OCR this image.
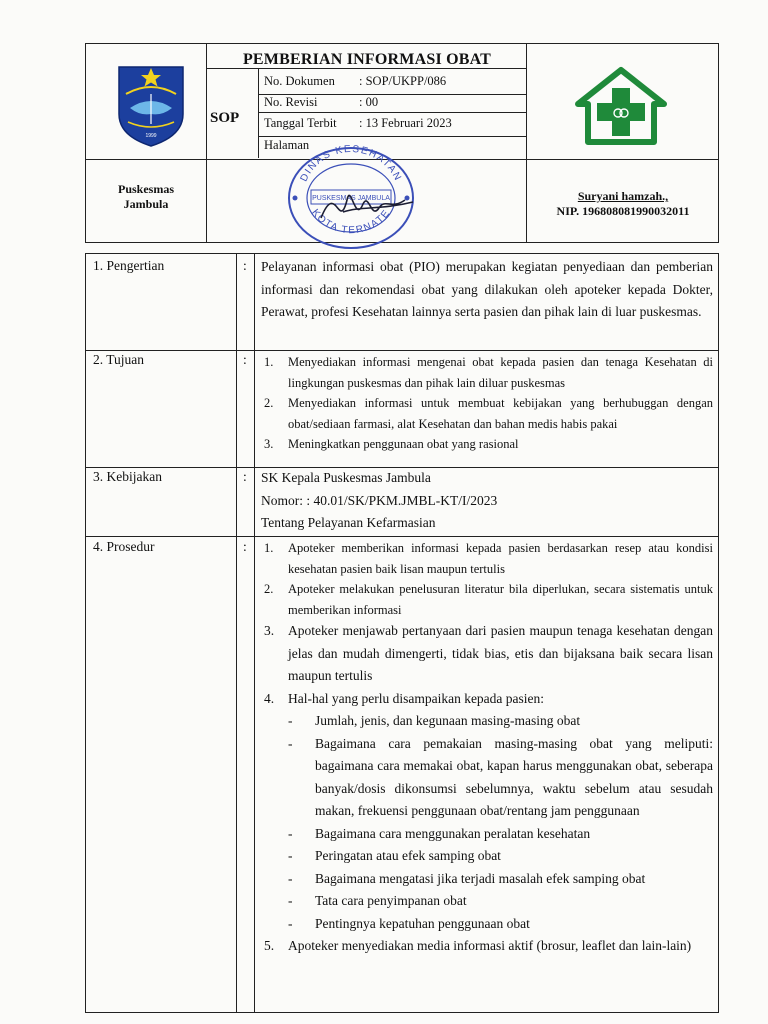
PEMBERIAN INFORMASI OBAT
SOP
No. Dokumen : SOP/UKPP/086
No. Revisi	: 00
Tanggal Terbit : 13 Februari 2023
Halaman
1999
Puskesmas
Jambula
DINAS KESEHATAN
KOTA TERNATE
PUSKESMAS JAMBULA	Suryani hamzah.,
NIP. 196808081990032011
1. Pengertian	: Pelayanan informasi obat (PIO) merupakan kegiatan penyediaan dan pemberian informasi dan rekomendasi obat yang dilakukan oleh apoteker kepada Dokter, Perawat, profesi Kesehatan lainnya serta pasien dan pihak lain di luar puskesmas.
2. Tujuan	: 1. Menyediakan informasi mengenai obat kepada pasien dan tenaga Kesehatan di lingkungan puskesmas dan pihak lain diluar puskesmas
2. Menyediakan informasi untuk membuat kebijakan yang berhubuggan dengan obat/sediaan farmasi, alat Kesehatan dan bahan medis habis pakai
3. Meningkatkan penggunaan obat yang rasional
3. Kebijakan	: SK Kepala Puskesmas Jambula
Nomor: : 40.01/SK/PKM.JMBL-KT/I/2023
Tentang Pelayanan Kefarmasian
4. Prosedur	: 1. Apoteker memberikan informasi kepada pasien berdasarkan resep atau kondisi kesehatan pasien baik lisan maupun tertulis
2. Apoteker melakukan penelusuran literatur bila diperlukan, secara sistematis untuk memberikan informasi
3. Apoteker menjawab pertanyaan dari pasien maupun tenaga kesehatan dengan jelas dan mudah dimengerti, tidak bias, etis dan bijaksana baik secara lisan maupun tertulis
4. Hal-hal yang perlu disampaikan kepada pasien:
- Jumlah, jenis, dan kegunaan masing-masing obat
- Bagaimana cara pemakaian masing-masing obat yang meliputi: bagaimana cara memakai obat, kapan harus menggunakan obat, seberapa banyak/dosis dikonsumsi sebelumnya, waktu sebelum atau sesudah makan, frekuensi penggunaan obat/rentang jam penggunaan
- Bagaimana cara menggunakan peralatan kesehatan
- Peringatan atau efek samping obat
- Bagaimana mengatasi jika terjadi masalah efek samping obat
- Tata cara penyimpanan obat
- Pentingnya kepatuhan penggunaan obat
5. Apoteker menyediakan media informasi aktif (brosur, leaflet dan lain-lain)
